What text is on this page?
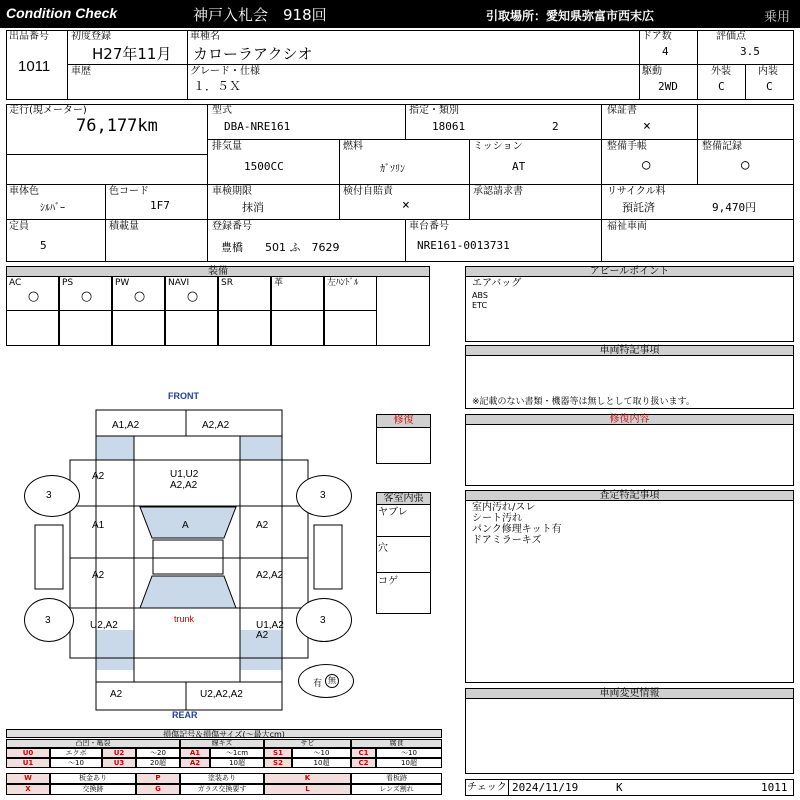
Condition Check	神戸入札会　918回	引取場所：愛知県弥富市西末広	乗用
出品番号
1011
初度登録
H27年11月
車種名
カローラアクシオ
ドア数
4
評価点
3.5
車歴	グレード・仕様
１．５Ｘ
駆動
2WD
外装
C
内装
C
走行(現メーター)
76,177km
型式
DBA-NRE161
指定・類別
18061	2
保証書
×
排気量
1500CC
燃料
ｶﾞｿﾘﾝ
ミッション
AT
整備手帳
○
整備記録
○
車体色
ｼﾙﾊﾞｰ
色コード
1F7
車検期限
抹消
検付自賠責
×
承認請求書	リサイクル料
預託済	9,470円
定員
5
積載量	登録番号
豊橋　　501 ふ　7629
車台番号
NRE161-0013731
福祉車両
装備
AC
○
PS
○
PW
○
NAVI
○
SR	革	左ﾊﾝﾄﾞﾙ
FRONT
REAR
3	3
3	3
有 無
A1,A2	A2,A2
A2	U1,U2
A2,A2
A1	A	A2
A2	A2,A2
trunk
U2,A2	U1,A2
A2
A2	U2,A2,A2
修復
客室内張
ヤブレ
穴
コゲ
アピールポイント
エアバッグ
ABS
ETC
車両特記事項
※記載のない書類・機器等は無しとして取り扱います。
修復内容
査定特記事項
室内汚れ/スレ
シート汚れ
パンク修理キット有
ドアミラーキズ
車両変更情報
チェック 2024/11/19	K	1011
損傷記号＆損傷サイズ(〜最大cm)
凸凹・亀裂	線キズ	サビ	腐食
U0	エクボ	U2	〜20	A1	〜1cm	S1	〜10	C1	〜10
U1	〜10	U3	20超	A2	10超	S2	10超	C2	10超
W	板金あり	P	塗装あり	K	看板跡
X	交換跡	G	ガラス交換要す	L	レンズ割れ
